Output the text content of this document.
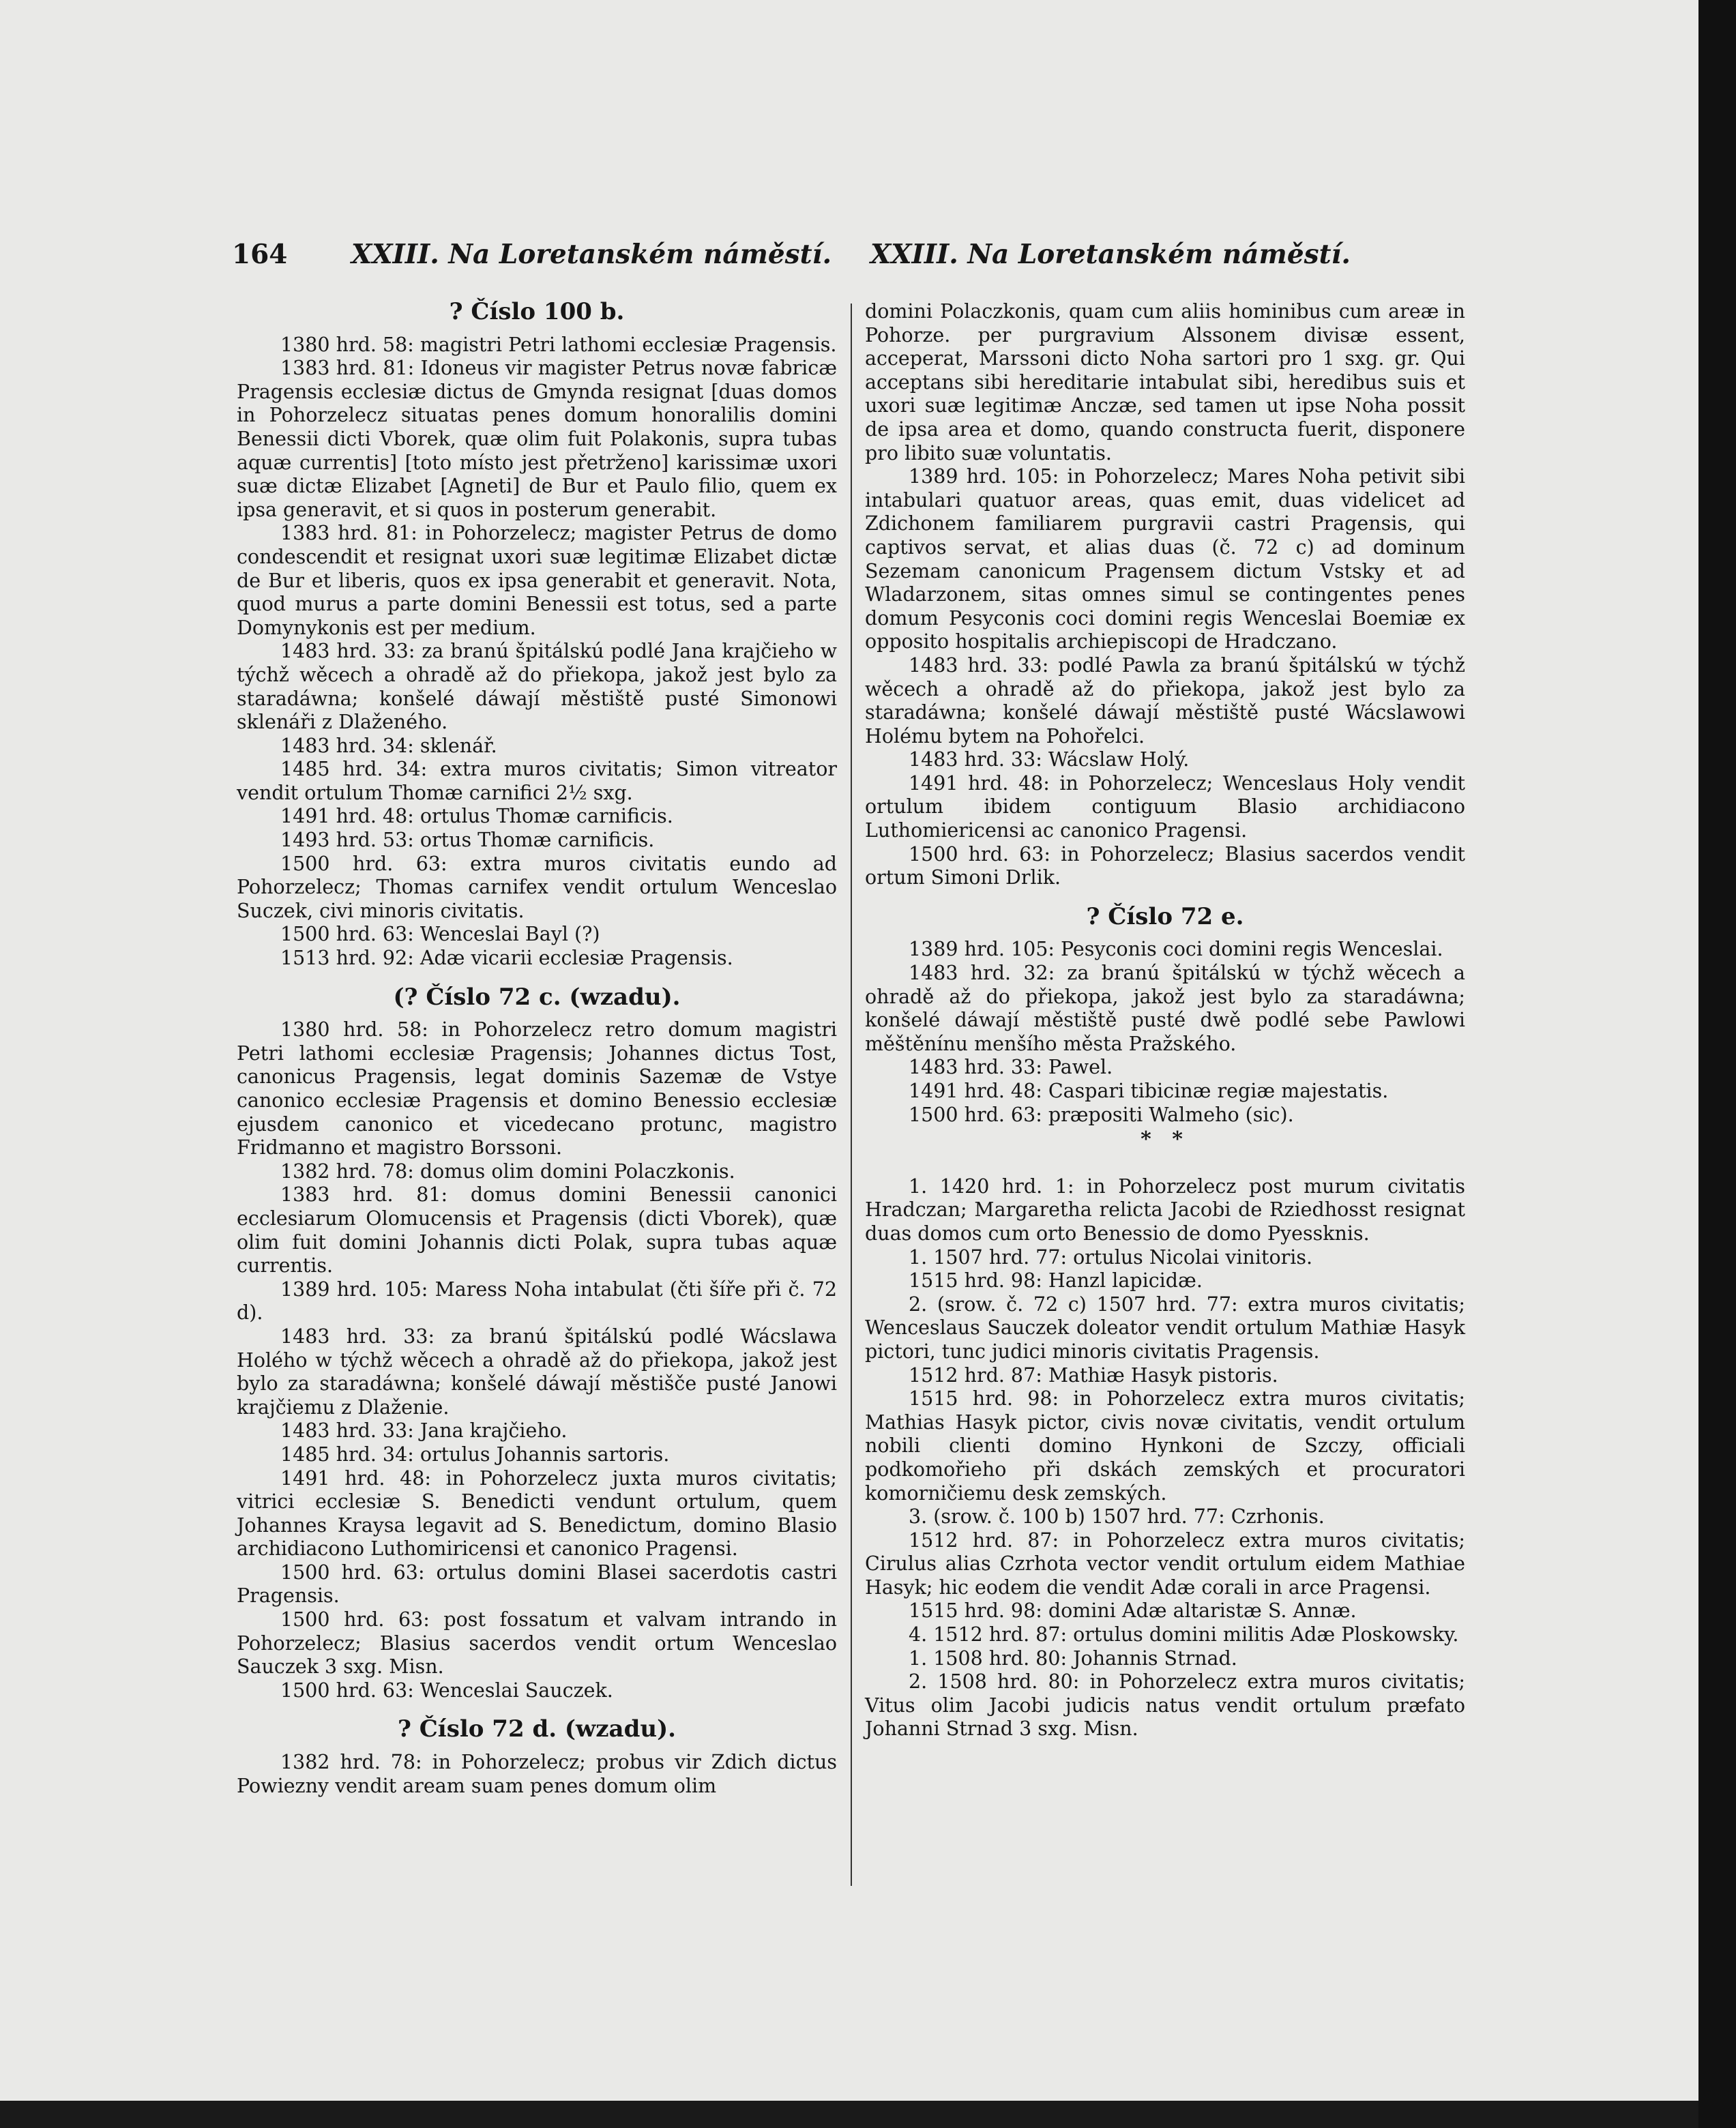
164 XXIII. Na Loretanském náměstí. XXIII. Na Loretanském náměstí.
? Číslo 100 b.

1380 hrd. 58: magistri Petri lathomi ecclesiæ Pragensis.

1383 hrd. 81: Idoneus vir magister Petrus novæ fabricæ Pragensis ecclesiæ dictus de Gmynda resignat [duas domos in Pohorzelecz situatas penes domum honoralilis domini Benessii dicti Vborek, quæ olim fuit Polakonis, supra tubas aquæ currentis] [toto místo jest přetrženo] karissimæ uxori suæ dictæ Elizabet [Agneti] de Bur et Paulo filio, quem ex ipsa generavit, et si quos in posterum generabit.

1383 hrd. 81: in Pohorzelecz; magister Petrus de domo condescendit et resignat uxori suæ legitimæ Elizabet dictæ de Bur et liberis, quos ex ipsa generabit et generavit. Nota, quod murus a parte domini Benessii est totus, sed a parte Domynykonis est per medium.

1483 hrd. 33: za branú špitálskú podlé Jana krajčieho w týchž wěcech a ohradě až do přiekopa, jakož jest bylo za staradáwna; konšelé dáwají městiště pusté Simonowi sklenáři z Dlaženého.

1483 hrd. 34: sklenář.

1485 hrd. 34: extra muros civitatis; Simon vitreator vendit ortulum Thomæ carnifici 2½ sxg.

1491 hrd. 48: ortulus Thomæ carnificis.

1493 hrd. 53: ortus Thomæ carnificis.

1500 hrd. 63: extra muros civitatis eundo ad Pohorzelecz; Thomas carnifex vendit ortulum Wenceslao Suczek, civi minoris civitatis.

1500 hrd. 63: Wenceslai Bayl (?)

1513 hrd. 92: Adæ vicarii ecclesiæ Pragensis.

(? Číslo 72 c. (wzadu).

1380 hrd. 58: in Pohorzelecz retro domum magistri Petri lathomi ecclesiæ Pragensis; Johannes dictus Tost, canonicus Pragensis, legat dominis Sazemæ de Vstye canonico ecclesiæ Pragensis et domino Benessio ecclesiæ ejusdem canonico et vicedecano protunc, magistro Fridmanno et magistro Borssoni.

1382 hrd. 78: domus olim domini Polaczkonis.

1383 hrd. 81: domus domini Benessii canonici ecclesiarum Olomucensis et Pragensis (dicti Vborek), quæ olim fuit domini Johannis dicti Polak, supra tubas aquæ currentis.

1389 hrd. 105: Maress Noha intabulat (čti šíře při č. 72 d).

1483 hrd. 33: za branú špitálskú podlé Wácslawa Holého w týchž wěcech a ohradě až do přiekopa, jakož jest bylo za staradáwna; konšelé dáwají městišče pusté Janowi krajčiemu z Dlaženie.

1483 hrd. 33: Jana krajčieho.

1485 hrd. 34: ortulus Johannis sartoris.

1491 hrd. 48: in Pohorzelecz juxta muros civitatis; vitrici ecclesiæ S. Benedicti vendunt ortulum, quem Johannes Kraysa legavit ad S. Benedictum, domino Blasio archidiacono Luthomiricensi et canonico Pragensi.

1500 hrd. 63: ortulus domini Blasei sacerdotis castri Pragensis.

1500 hrd. 63: post fossatum et valvam intrando in Pohorzelecz; Blasius sacerdos vendit ortum Wenceslao Sauczek 3 sxg. Misn.

1500 hrd. 63: Wenceslai Sauczek.

? Číslo 72 d. (wzadu).

1382 hrd. 78: in Pohorzelecz; probus vir Zdich dictus Powiezny vendit aream suam penes domum olim

domini Polaczkonis, quam cum aliis hominibus cum areæ in Pohorze. per purgravium Alssonem divisæ essent, acceperat, Marssoni dicto Noha sartori pro 1 sxg. gr. Qui acceptans sibi hereditarie intabulat sibi, heredibus suis et uxori suæ legitimæ Anczæ, sed tamen ut ipse Noha possit de ipsa area et domo, quando constructa fuerit, disponere pro libito suæ voluntatis.

1389 hrd. 105: in Pohorzelecz; Mares Noha petivit sibi intabulari quatuor areas, quas emit, duas videlicet ad Zdichonem familiarem purgravii castri Pragensis, qui captivos servat, et alias duas (č. 72 c) ad dominum Sezemam canonicum Pragensem dictum Vstsky et ad Wladarzonem, sitas omnes simul se contingentes penes domum Pesyconis coci domini regis Wenceslai Boemiæ ex opposito hospitalis archiepiscopi de Hradczano.

1483 hrd. 33: podlé Pawla za branú špitálskú w týchž wěcech a ohradě až do přiekopa, jakož jest bylo za staradáwna; konšelé dáwají městiště pusté Wácslawowi Holému bytem na Pohořelci.

1483 hrd. 33: Wácslaw Holý.

1491 hrd. 48: in Pohorzelecz; Wenceslaus Holy vendit ortulum ibidem contiguum Blasio archidiacono Luthomiericensi ac canonico Pragensi.

1500 hrd. 63: in Pohorzelecz; Blasius sacerdos vendit ortum Simoni Drlik.

? Číslo 72 e.

1389 hrd. 105: Pesyconis coci domini regis Wenceslai.

1483 hrd. 32: za branú špitálskú w týchž wěcech a ohradě až do přiekopa, jakož jest bylo za staradáwna; konšelé dáwají městiště pusté dwě podlé sebe Pawlowi měštěnínu menšího města Pražského.

1483 hrd. 33: Pawel.

1491 hrd. 48: Caspari tibicinæ regiæ majestatis.

1500 hrd. 63: præpositi Walmeho (sic).

* *

1. 1420 hrd. 1: in Pohorzelecz post murum civitatis Hradczan; Margaretha relicta Jacobi de Rziedhosst resignat duas domos cum orto Benessio de domo Pyessknis.

1. 1507 hrd. 77: ortulus Nicolai vinitoris.

1515 hrd. 98: Hanzl lapicidæ.

2. (srow. č. 72 c) 1507 hrd. 77: extra muros civitatis; Wenceslaus Sauczek doleator vendit ortulum Mathiæ Hasyk pictori, tunc judici minoris civitatis Pragensis.

1512 hrd. 87: Mathiæ Hasyk pistoris.

1515 hrd. 98: in Pohorzelecz extra muros civitatis; Mathias Hasyk pictor, civis novæ civitatis, vendit ortulum nobili clienti domino Hynkoni de Szczy, officiali podkomořieho při dskách zemských et procuratori komorničiemu desk zemských.

3. (srow. č. 100 b) 1507 hrd. 77: Czrhonis.

1512 hrd. 87: in Pohorzelecz extra muros civitatis; Cirulus alias Czrhota vector vendit ortulum eidem Mathiae Hasyk; hic eodem die vendit Adæ corali in arce Pragensi.

1515 hrd. 98: domini Adæ altaristæ S. Annæ.

4. 1512 hrd. 87: ortulus domini militis Adæ Ploskowsky.

1. 1508 hrd. 80: Johannis Strnad.

2. 1508 hrd. 80: in Pohorzelecz extra muros civitatis; Vitus olim Jacobi judicis natus vendit ortulum præfato Johanni Strnad 3 sxg. Misn.
